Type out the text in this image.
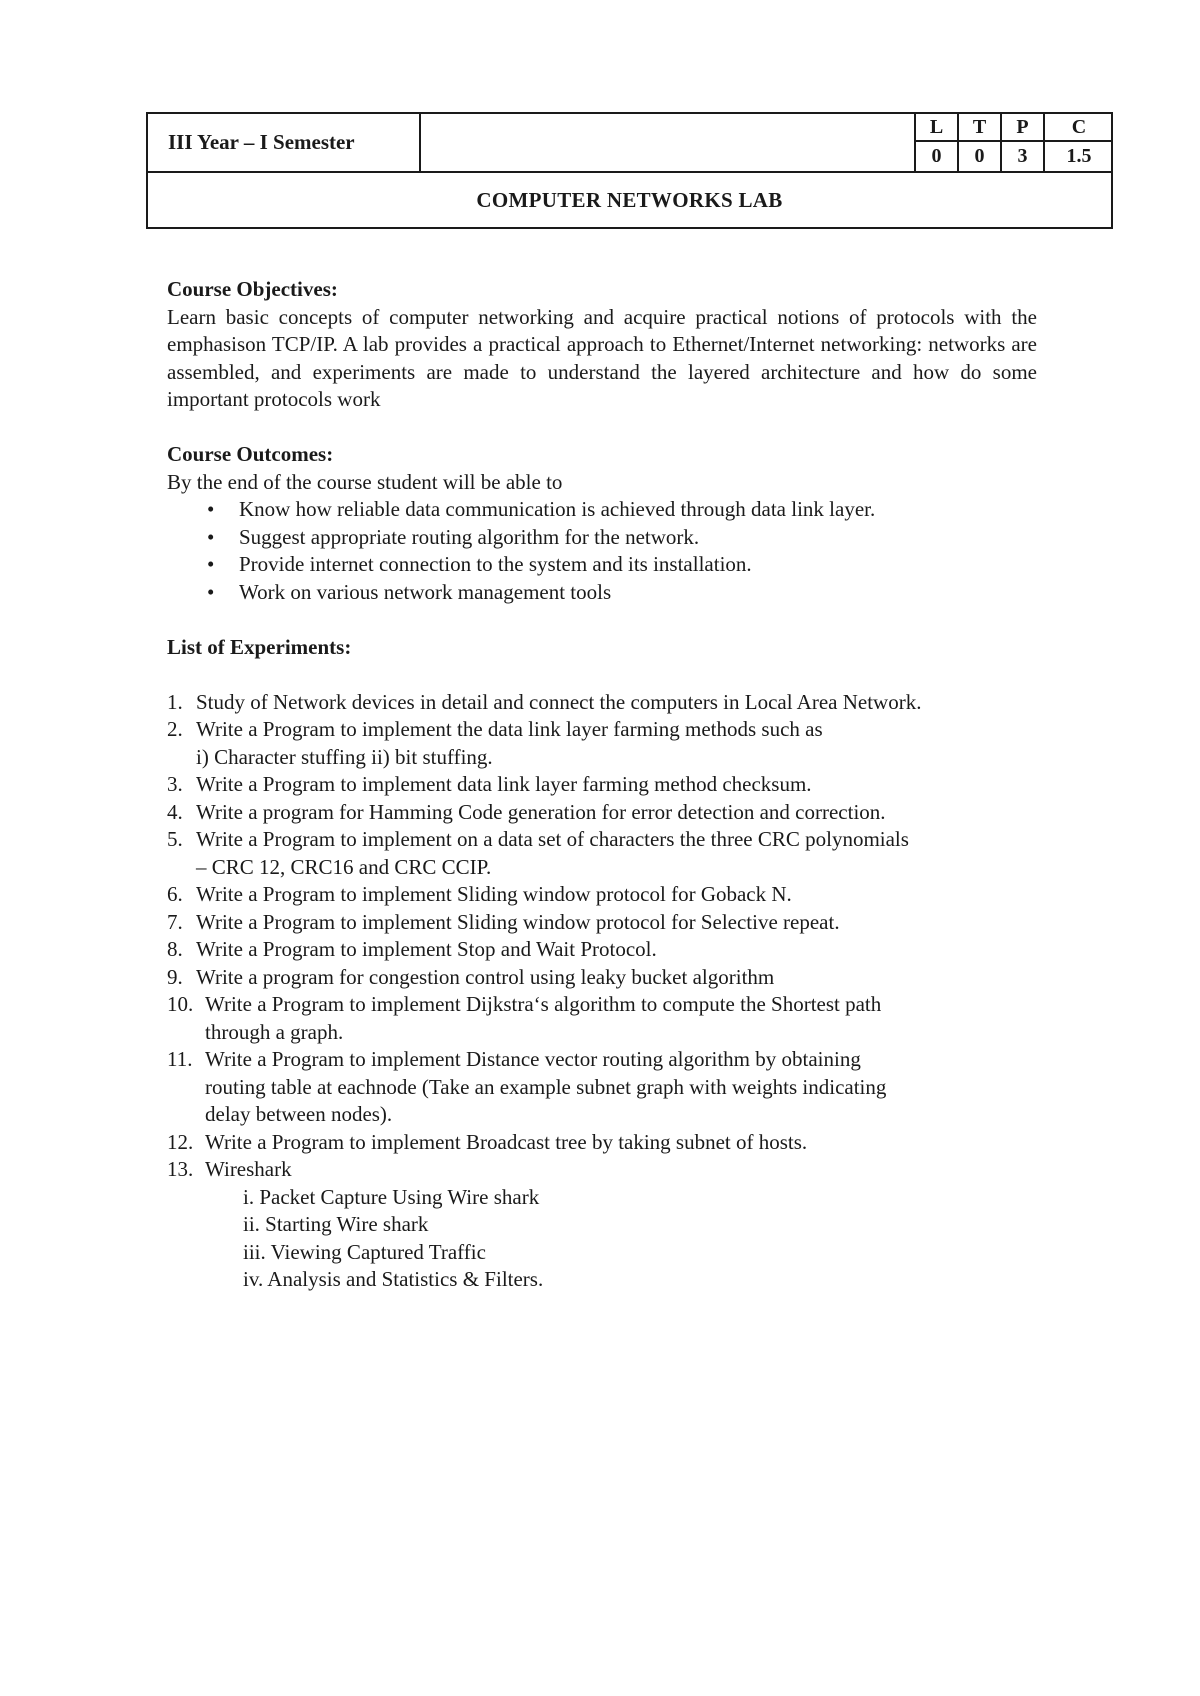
III Year – I Semester
L	T	P	C
0	0	3	1.5
COMPUTER NETWORKS LAB

Course Objectives:

Learn basic concepts of computer networking and acquire practical notions of protocols with the emphasison TCP/IP. A lab provides a practical approach to Ethernet/Internet networking: networks are assembled, and experiments are made to understand the layered architecture and how do some important protocols work

Course Outcomes:

By the end of the course student will be able to

• Know how reliable data communication is achieved through data link layer.
• Suggest appropriate routing algorithm for the network.
• Provide internet connection to the system and its installation.
• Work on various network management tools

List of Experiments:

1. Study of Network devices in detail and connect the computers in Local Area Network.
2. Write a Program to implement the data link layer farming methods such as
i) Character stuffing ii) bit stuffing.
3. Write a Program to implement data link layer farming method checksum.
4. Write a program for Hamming Code generation for error detection and correction.
5. Write a Program to implement on a data set of characters the three CRC polynomials
– CRC 12, CRC16 and CRC CCIP.
6. Write a Program to implement Sliding window protocol for Goback N.
7. Write a Program to implement Sliding window protocol for Selective repeat.
8. Write a Program to implement Stop and Wait Protocol.
9. Write a program for congestion control using leaky bucket algorithm
10. Write a Program to implement Dijkstra‘s algorithm to compute the Shortest path
through a graph.
11. Write a Program to implement Distance vector routing algorithm by obtaining
routing table at eachnode (Take an example subnet graph with weights indicating
delay between nodes).
12. Write a Program to implement Broadcast tree by taking subnet of hosts.
13. Wireshark

i. Packet Capture Using Wire shark

ii. Starting Wire shark

iii. Viewing Captured Traffic

iv. Analysis and Statistics & Filters.
